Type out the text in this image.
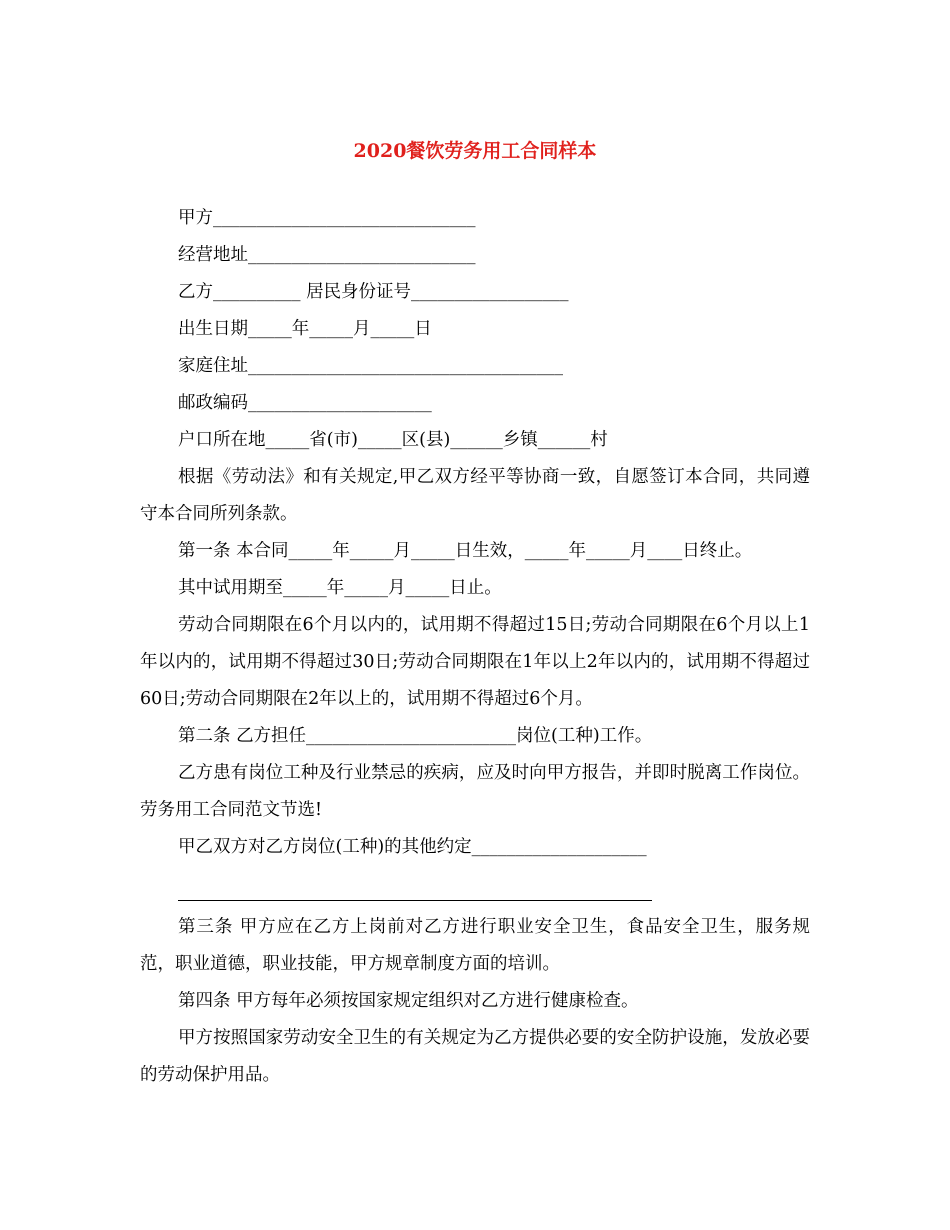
2020餐饮劳务用工合同样本
甲方______________________________
经营地址__________________________
乙方__________ 居民身份证号__________________
出生日期_____年_____月_____日
家庭住址____________________________________
邮政编码_____________________
户口所在地_____省(市)_____区(县)______乡镇______村
根据《劳动法》和有关规定,甲乙双方经平等协商一致，自愿签订本合同，共同遵守本合同所列条款。
第一条 本合同_____年_____月_____日生效，_____年_____月____日终止。
其中试用期至_____年_____月_____日止。
劳动合同期限在6个月以内的，试用期不得超过15日;劳动合同期限在6个月以上1年以内的，试用期不得超过30日;劳动合同期限在1年以上2年以内的，试用期不得超过60日;劳动合同期限在2年以上的，试用期不得超过6个月。
第二条 乙方担任________________________岗位(工种)工作。
乙方患有岗位工种及行业禁忌的疾病，应及时向甲方报告，并即时脱离工作岗位。劳务用工合同范文节选!
甲乙双方对乙方岗位(工种)的其他约定____________________
第三条 甲方应在乙方上岗前对乙方进行职业安全卫生，食品安全卫生，服务规范，职业道德，职业技能，甲方规章制度方面的培训。
第四条 甲方每年必须按国家规定组织对乙方进行健康检查。
甲方按照国家劳动安全卫生的有关规定为乙方提供必要的安全防护设施，发放必要的劳动保护用品。
